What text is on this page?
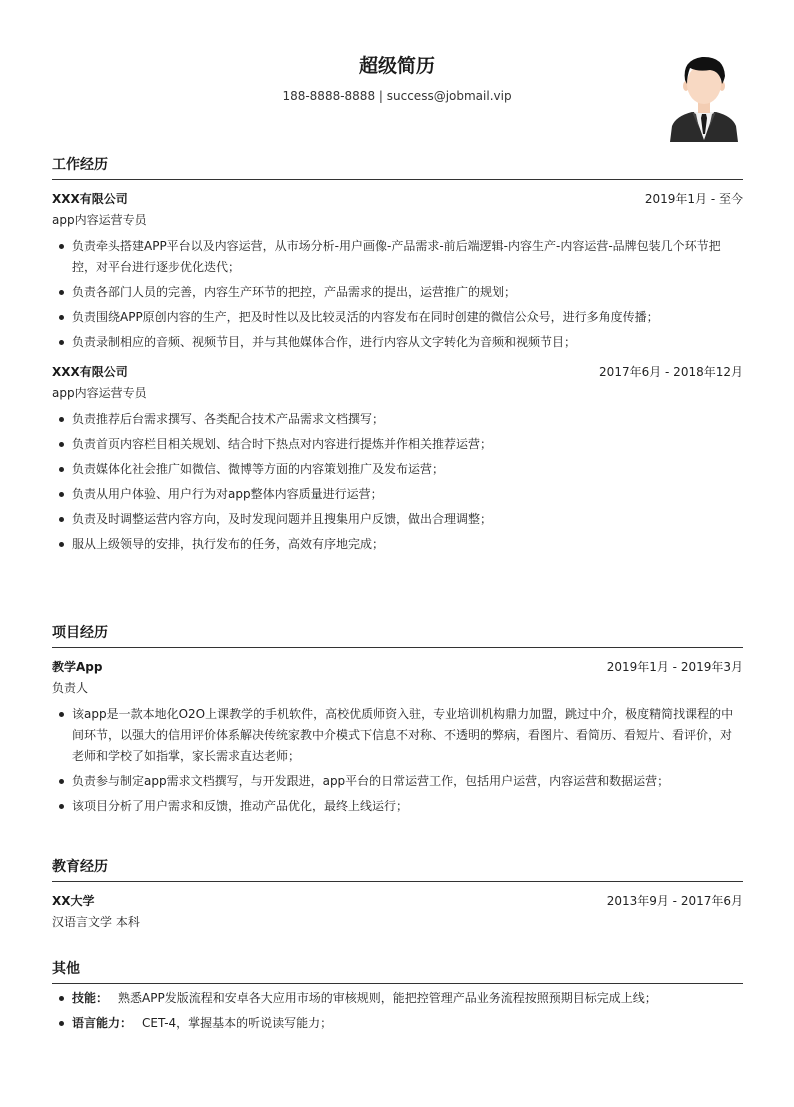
超级简历
188-8888-8888 | success@jobmail.vip
工作经历
XXX有限公司	2019年1月 - 至今
app内容运营专员
负责牵头搭建APP平台以及内容运营，从市场分析-用户画像-产品需求-前后端逻辑-内容生产-内容运营-品牌包装几个环节把控，对平台进行逐步优化迭代；
负责各部门人员的完善，内容生产环节的把控，产品需求的提出，运营推广的规划；
负责围绕APP原创内容的生产，把及时性以及比较灵活的内容发布在同时创建的微信公众号，进行多角度传播；
负责录制相应的音频、视频节目，并与其他媒体合作，进行内容从文字转化为音频和视频节目；
XXX有限公司	2017年6月 - 2018年12月
app内容运营专员
负责推荐后台需求撰写、各类配合技术产品需求文档撰写；
负责首页内容栏目相关规划、结合时下热点对内容进行提炼并作相关推荐运营；
负责媒体化社会推广如微信、微博等方面的内容策划推广及发布运营；
负责从用户体验、用户行为对app整体内容质量进行运营；
负责及时调整运营内容方向，及时发现问题并且搜集用户反馈，做出合理调整；
服从上级领导的安排，执行发布的任务，高效有序地完成；
项目经历
教学App	2019年1月 - 2019年3月
负责人
该app是一款本地化O2O上课教学的手机软件，高校优质师资入驻，专业培训机构鼎力加盟，跳过中介，极度精简找课程的中间环节，以强大的信用评价体系解决传统家教中介模式下信息不对称、不透明的弊病，看图片、看简历、看短片、看评价，对老师和学校了如指掌，家长需求直达老师；
负责参与制定app需求文档撰写，与开发跟进，app平台的日常运营工作，包括用户运营，内容运营和数据运营；
该项目分析了用户需求和反馈，推动产品优化，最终上线运行；
教育经历
XX大学	2013年9月 - 2017年6月
汉语言文学 本科
其他
技能： 熟悉APP发版流程和安卓各大应用市场的审核规则，能把控管理产品业务流程按照预期目标完成上线；
语言能力： CET-4，掌握基本的听说读写能力；
